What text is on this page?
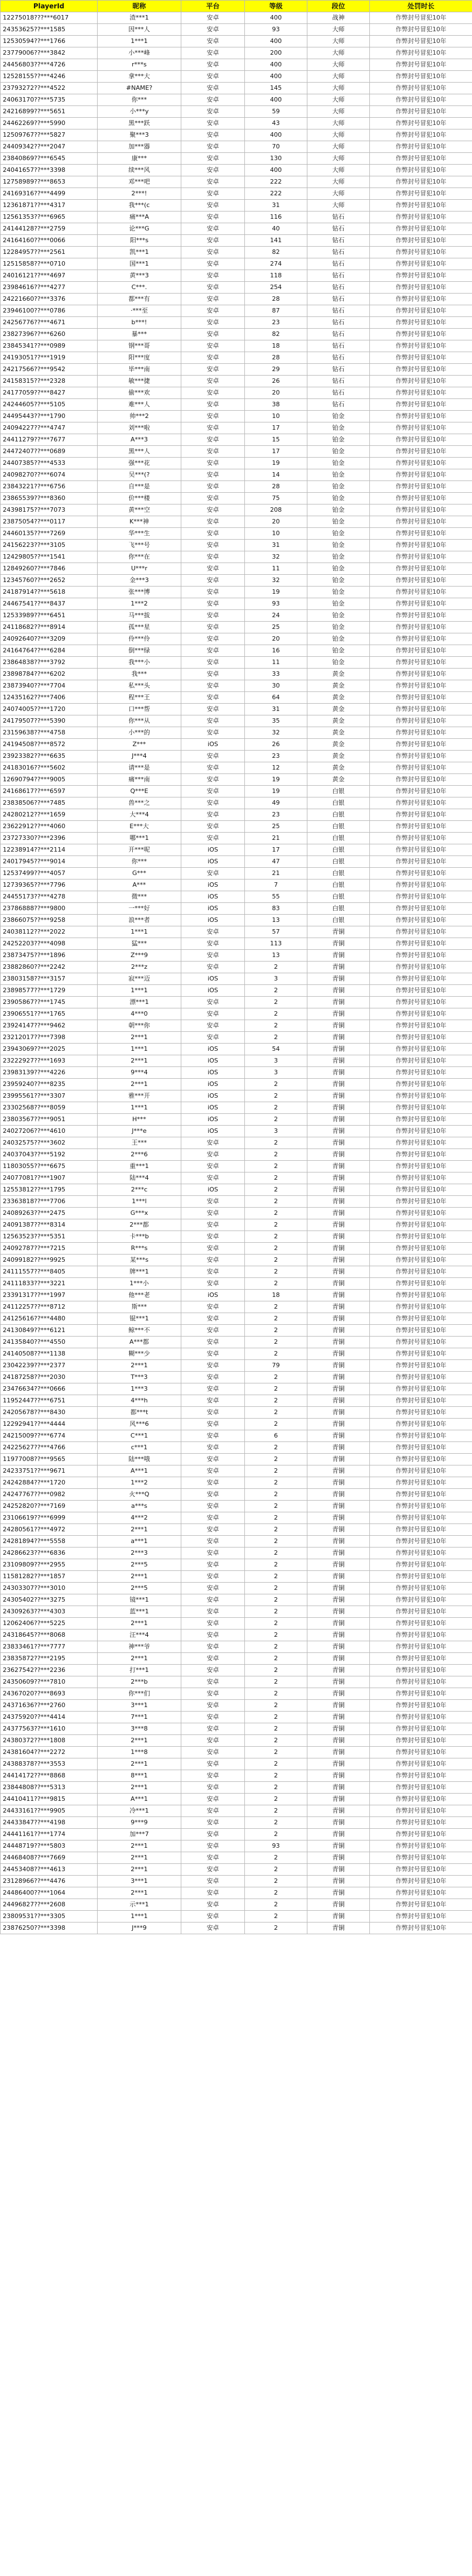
PlayerId	昵称	平台	等级	段位	处罚时长
12275018???***6017	渣***1	安卓	400	战神	作弊封号冒犯10年
24353625??***1585	因***人	安卓	93	大师	作弊封号冒犯10年
12530594??***1766	1***1	安卓	400	大师	作弊封号冒犯10年
23779006??***3842	小***峰	安卓	200	大师	作弊封号冒犯10年
24456803??***4726	r***s	安卓	400	大师	作弊封号冒犯10年
12528155??***4246	拿***大	安卓	400	大师	作弊封号冒犯10年
23793272??***4522	#NAME?	安卓	145	大师	作弊封号冒犯10年
24063170??***5735	你***	安卓	400	大师	作弊封号冒犯10年
24216899??***5651	小***y	安卓	59	大师	作弊封号冒犯10年
24462269??***5990	黑***跃	安卓	43	大师	作弊封号冒犯10年
12509767??***5827	聚***3	安卓	400	大师	作弊封号冒犯10年
24409342??***2047	加***器	安卓	70	大师	作弊封号冒犯10年
23840869??***6545	康***	安卓	130	大师	作弊封号冒犯10年
24041657??***3398	续***风	安卓	400	大师	作弊封号冒犯10年
12758989??***8653	邓***吧	安卓	222	大师	作弊封号冒犯10年
24169316??***4499	2***!	安卓	222	大师	作弊封号冒犯10年
12361871??***4317	我***(c	安卓	31	大师	作弊封号冒犯10年
12561353??***6965	痛***A	安卓	116	钻石	作弊封号冒犯10年
24144128??***2759	论***G	安卓	40	钻石	作弊封号冒犯10年
24164160??***0066	阳***s	安卓	141	钻石	作弊封号冒犯10年
12284957??***2561	凯***1	安卓	82	钻石	作弊封号冒犯10年
12515858??***0710	国***1	安卓	274	钻石	作弊封号冒犯10年
24016121??***4697	黄***3	安卓	118	钻石	作弊封号冒犯10年
23984616??***4277	C***.	安卓	254	钻石	作弊封号冒犯10年
24221660??***3376	都***有	安卓	28	钻石	作弊封号冒犯10年
23946100??***0786	·***至	安卓	87	钻石	作弊封号冒犯10年
24256776??***4671	b***!	安卓	23	钻石	作弊封号冒犯10年
23827396??***6260	暴***	安卓	82	钻石	作弊封号冒犯10年
23845341??***0989	钢***哥	安卓	18	钻石	作弊封号冒犯10年
24193051??***1919	阳***度	安卓	28	钻石	作弊封号冒犯10年
24217566??***9542	毕***南	安卓	29	钻石	作弊封号冒犯10年
24158315??***2328	敏***捷	安卓	26	钻石	作弊封号冒犯10年
24177059??***8427	偷***欢	安卓	20	钻石	作弊封号冒犯10年
24244605??***5105	难***人	安卓	38	钻石	作弊封号冒犯10年
24495443??***1790	帅***2	安卓	10	铂金	作弊封号冒犯10年
24094227??***4747	刘***啦	安卓	17	铂金	作弊封号冒犯10年
24411279??***7677	A***3	安卓	15	铂金	作弊封号冒犯10年
24472407??***0689	黑***人	安卓	17	铂金	作弊封号冒犯10年
24407385??***4533	强***花	安卓	19	铂金	作弊封号冒犯10年
24098270??***6074	吴***(?	安卓	14	铂金	作弊封号冒犯10年
23843221??***6756	自***是	安卓	28	铂金	作弊封号冒犯10年
23865539??***8360	价***楼	安卓	75	铂金	作弊封号冒犯10年
24398175??***7073	黄***空	安卓	208	铂金	作弊封号冒犯10年
23875054??***0117	K***神	安卓	20	铂金	作弊封号冒犯10年
24460135??***7269	华***生	安卓	10	铂金	作弊封号冒犯10年
24156223??***3105	飞***号	安卓	31	铂金	作弊封号冒犯10年
12429805??***1541	你***在	安卓	32	铂金	作弊封号冒犯10年
12849260??***7846	U***r	安卓	11	铂金	作弊封号冒犯10年
12345760??***2652	金***3	安卓	32	铂金	作弊封号冒犯10年
24187914??***5618	张***博	安卓	19	铂金	作弊封号冒犯10年
24467541??***8437	1***2	安卓	93	铂金	作弊封号冒犯10年
12533989??***6451	马***拔	安卓	24	铂金	作弊封号冒犯10年
24118682??***8914	孤***星	安卓	25	铂金	作弊封号冒犯10年
24092640??***3209	伶***伶	安卓	20	铂金	作弊封号冒犯10年
24164764??***6284	倒***绿	安卓	16	铂金	作弊封号冒犯10年
23864838??***3792	我***小	安卓	11	铂金	作弊封号冒犯10年
23898784??***6202	我***	安卓	33	黄金	作弊封号冒犯10年
23873940??***7704	私***头	安卓	30	黄金	作弊封号冒犯10年
12435162??***7406	程***王	安卓	64	黄金	作弊封号冒犯10年
24074005??***1720	口***帮	安卓	31	黄金	作弊封号冒犯10年
24179507??***5390	你***从	安卓	35	黄金	作弊封号冒犯10年
23159638??***4758	小***的	安卓	32	黄金	作弊封号冒犯10年
24194508??***8572	Z***	iOS	26	黄金	作弊封号冒犯10年
23923382??***6635	J***4	安卓	23	黄金	作弊封号冒犯10年
24183016??***5602	请***是	安卓	12	黄金	作弊封号冒犯10年
12690794??***9005	痛***南	安卓	19	黄金	作弊封号冒犯10年
24168617??***6597	Q***E	安卓	19	白银	作弊封号冒犯10年
23838506??***7485	兽***之	安卓	49	白银	作弊封号冒犯10年
24280212??***1659	大***4	安卓	23	白银	作弊封号冒犯10年
23622912??***4060	E***大	安卓	25	白银	作弊封号冒犯10年
23727330??***2396	哪***1	安卓	21	白银	作弊封号冒犯10年
12238914??***2114	开***呢	iOS	17	白银	作弊封号冒犯10年
24017945??***9014	你***	iOS	47	白银	作弊封号冒犯10年
12537499??***4057	G***	安卓	21	白银	作弊封号冒犯10年
12739365??***7796	A***	iOS	7	白银	作弊封号冒犯10年
24455173??***4278	微***	iOS	55	白银	作弊封号冒犯10年
23786888??***9800	一***好	iOS	83	白银	作弊封号冒犯10年
23866075??***9258	浪***者	iOS	13	白银	作弊封号冒犯10年
24038112??***2022	1***1	安卓	57	青铜	作弊封号冒犯10年
24252203??***4098	猛***	安卓	113	青铜	作弊封号冒犯10年
23873475??***1896	Z***9	安卓	13	青铜	作弊封号冒犯10年
23882860??***2242	2***z	安卓	2	青铜	作弊封号冒犯10年
23803158??***3157	寂***迈	iOS	3	青铜	作弊封号冒犯10年
23898577??***1729	1***1	iOS	2	青铜	作弊封号冒犯10年
23905867??***1745	漂***1	安卓	2	青铜	作弊封号冒犯10年
23906551??***1765	4***0	安卓	2	青铜	作弊封号冒犯10年
23924147??***9462	朝***你	安卓	2	青铜	作弊封号冒犯10年
23212017??***7398	2***1	安卓	2	青铜	作弊封号冒犯10年
23943069??***2025	1***1	iOS	54	青铜	作弊封号冒犯10年
23222927??***1693	2***1	iOS	3	青铜	作弊封号冒犯10年
23983139??***4226	9***4	iOS	3	青铜	作弊封号冒犯10年
23959240??***8235	2***1	iOS	2	青铜	作弊封号冒犯10年
23995561??***3307	雅***开	iOS	2	青铜	作弊封号冒犯10年
23302568??***8059	1***1	iOS	2	青铜	作弊封号冒犯10年
23803567??***9051	H***	iOS	2	青铜	作弊封号冒犯10年
24027206??***4610	J***e	iOS	3	青铜	作弊封号冒犯10年
24032575??***3602	王***	安卓	2	青铜	作弊封号冒犯10年
24037043??***5192	2***6	安卓	2	青铜	作弊封号冒犯10年
11803055??***6675	重***1	安卓	2	青铜	作弊封号冒犯10年
24077081??***1907	陆***4	安卓	2	青铜	作弊封号冒犯10年
12553812??***1795	2***c	iOS	2	青铜	作弊封号冒犯10年
23363818??***7706	1***l	安卓	2	青铜	作弊封号冒犯10年
24089263??***2475	G***x	安卓	2	青铜	作弊封号冒犯10年
24091387??***8314	2***都	安卓	2	青铜	作弊封号冒犯10年
12563523??***5351	卡***b	安卓	2	青铜	作弊封号冒犯10年
24092787??***7215	R***s	安卓	2	青铜	作弊封号冒犯10年
24099182??***9925	某***s	安卓	2	青铜	作弊封号冒犯10年
24111557??***8405	牌***1	安卓	2	青铜	作弊封号冒犯10年
24111833??***3221	1***小	安卓	2	青铜	作弊封号冒犯10年
23391317??***1997	他***老	iOS	18	青铜	作弊封号冒犯10年
24112257??***8712	斯***	安卓	2	青铜	作弊封号冒犯10年
24125616??***4480	锟***1	安卓	2	青铜	作弊封号冒犯10年
24130849??***6121	鲸***不	安卓	2	青铜	作弊封号冒犯10年
24135840??***4550	A***都	安卓	2	青铜	作弊封号冒犯10年
24140508??***1138	糊***少	安卓	2	青铜	作弊封号冒犯10年
23042239??***2377	2***1	安卓	79	青铜	作弊封号冒犯10年
24187258??***2030	T***3	安卓	2	青铜	作弊封号冒犯10年
23476634??***0666	1***3	安卓	2	青铜	作弊封号冒犯10年
11952447??***6751	4***h	安卓	2	青铜	作弊封号冒犯10年
24205678??***8430	都***t	安卓	2	青铜	作弊封号冒犯10年
12292941??***4444	风***6	安卓	2	青铜	作弊封号冒犯10年
24215009??***6774	C***1	安卓	6	青铜	作弊封号冒犯10年
24225627??***4766	c***1	安卓	2	青铜	作弊封号冒犯10年
11977008??***9565	陆***哦	安卓	2	青铜	作弊封号冒犯10年
24233751??***9671	A***1	安卓	2	青铜	作弊封号冒犯10年
24242884??***1720	1***2	安卓	2	青铜	作弊封号冒犯10年
24247767??***0982	火***Q	安卓	2	青铜	作弊封号冒犯10年
24252820??***7169	a***s	安卓	2	青铜	作弊封号冒犯10年
23106619??***6999	4***2	安卓	2	青铜	作弊封号冒犯10年
24280561??***4972	2***1	安卓	2	青铜	作弊封号冒犯10年
24281894??***5558	a***1	安卓	2	青铜	作弊封号冒犯10年
24286623??***6836	2***3	安卓	2	青铜	作弊封号冒犯10年
23109809??***2955	2***5	安卓	2	青铜	作弊封号冒犯10年
11581282??***1857	2***1	安卓	2	青铜	作弊封号冒犯10年
24303307??***3010	2***5	安卓	2	青铜	作弊封号冒犯10年
24305402??***3275	镜***1	安卓	2	青铜	作弊封号冒犯10年
24309263??***4303	蓝***1	安卓	2	青铜	作弊封号冒犯10年
12062406??***5225	2***1	安卓	2	青铜	作弊封号冒犯10年
24318645??***8068	汪***4	安卓	2	青铜	作弊封号冒犯10年
23833461??***7777	神***爷	安卓	2	青铜	作弊封号冒犯10年
23835872??***2195	2***1	安卓	2	青铜	作弊封号冒犯10年
23627542??***2236	打***1	安卓	2	青铜	作弊封号冒犯10年
24350609??***7810	2***b	安卓	2	青铜	作弊封号冒犯10年
24367020??***8693	你***们	安卓	2	青铜	作弊封号冒犯10年
24371636??***2760	3***1	安卓	2	青铜	作弊封号冒犯10年
24375920??***4414	7***1	安卓	2	青铜	作弊封号冒犯10年
24377563??***1610	3***8	安卓	2	青铜	作弊封号冒犯10年
24380372??***1808	2***1	安卓	2	青铜	作弊封号冒犯10年
24381604??***2272	1***8	安卓	2	青铜	作弊封号冒犯10年
24388378??***3553	2***1	安卓	2	青铜	作弊封号冒犯10年
24414172??***8868	8***1	安卓	2	青铜	作弊封号冒犯10年
23844808??***5313	2***1	安卓	2	青铜	作弊封号冒犯10年
24410411??***9815	A***1	安卓	2	青铜	作弊封号冒犯10年
24433161??***9905	冷***1	安卓	2	青铜	作弊封号冒犯10年
24433847??***4198	9***9	安卓	2	青铜	作弊封号冒犯10年
24441161??***1774	加***7	安卓	2	青铜	作弊封号冒犯10年
24448719??***5803	2***1	安卓	93	青铜	作弊封号冒犯10年
24468408??***7669	2***1	安卓	2	青铜	作弊封号冒犯10年
24453408??***4613	2***1	安卓	2	青铜	作弊封号冒犯10年
23128966??***4476	3***1	安卓	2	青铜	作弊封号冒犯10年
24486400??***1064	2***1	安卓	2	青铜	作弊封号冒犯10年
24496827??***2608	示***1	安卓	2	青铜	作弊封号冒犯10年
23809531??***3305	1***1	安卓	2	青铜	作弊封号冒犯10年
23876250??***3398	J***9	安卓	2	青铜	作弊封号冒犯10年
